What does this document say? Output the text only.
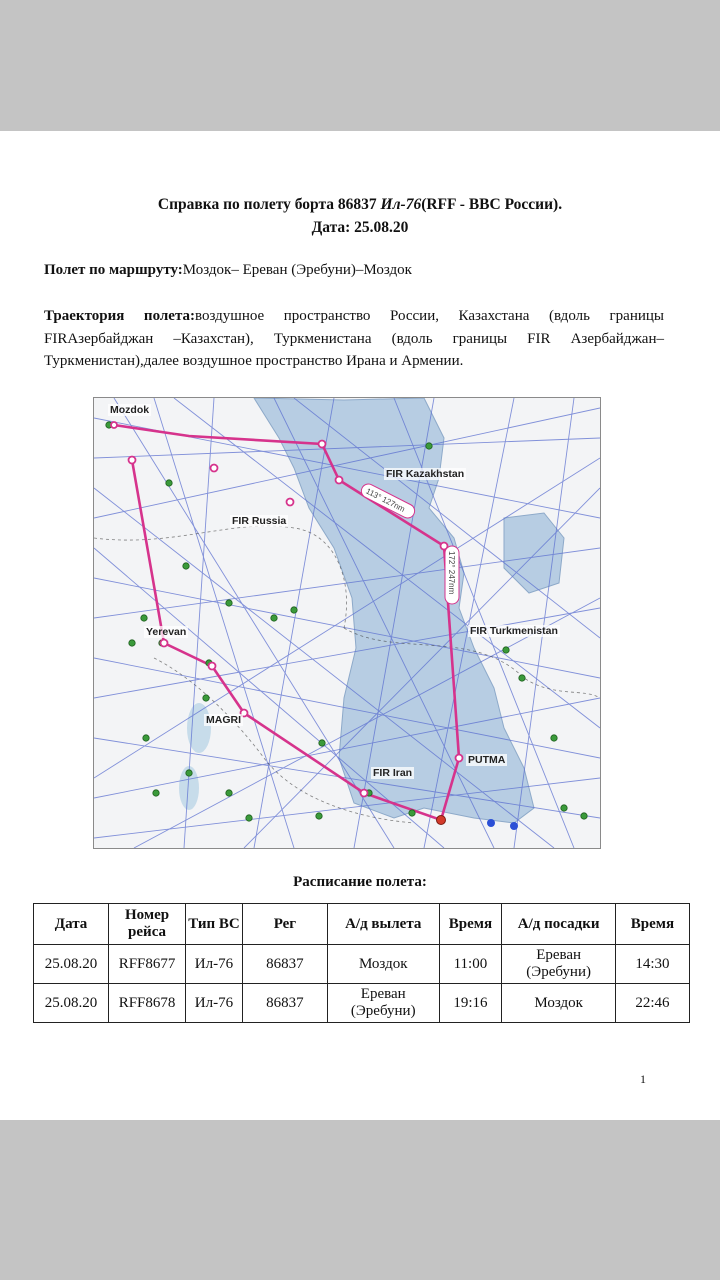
Справка по полету борта 86837 Ил-76(RFF - ВВС России).
Дата: 25.08.20
Полет по маршруту:Моздок– Ереван (Эребуни)–Моздок
Траектория полета:воздушное пространство России, Казахстана (вдоль границы FIRАзербайджан –Казахстан), Туркменистана (вдоль границы FIR Азербайджан–Туркменистан),далее воздушное пространство Ирана и Армении.
113° 127nm
172° 247nm
Mozdok
FIR Kazakhstan
FIR Russia
Yerevan	FIR Turkmenistan
MAGRI
PUTMA
FIR Iran
Расписание полета:
Дата	Номер рейса	Тип ВС	Рег	А/д вылета	Время	А/д посадки	Время
25.08.20	RFF8677	Ил-76	86837	Моздок	11:00	Ереван (Эребуни)	14:30
25.08.20	RFF8678	Ил-76	86837	Ереван (Эребуни)	19:16	Моздок	22:46
1
